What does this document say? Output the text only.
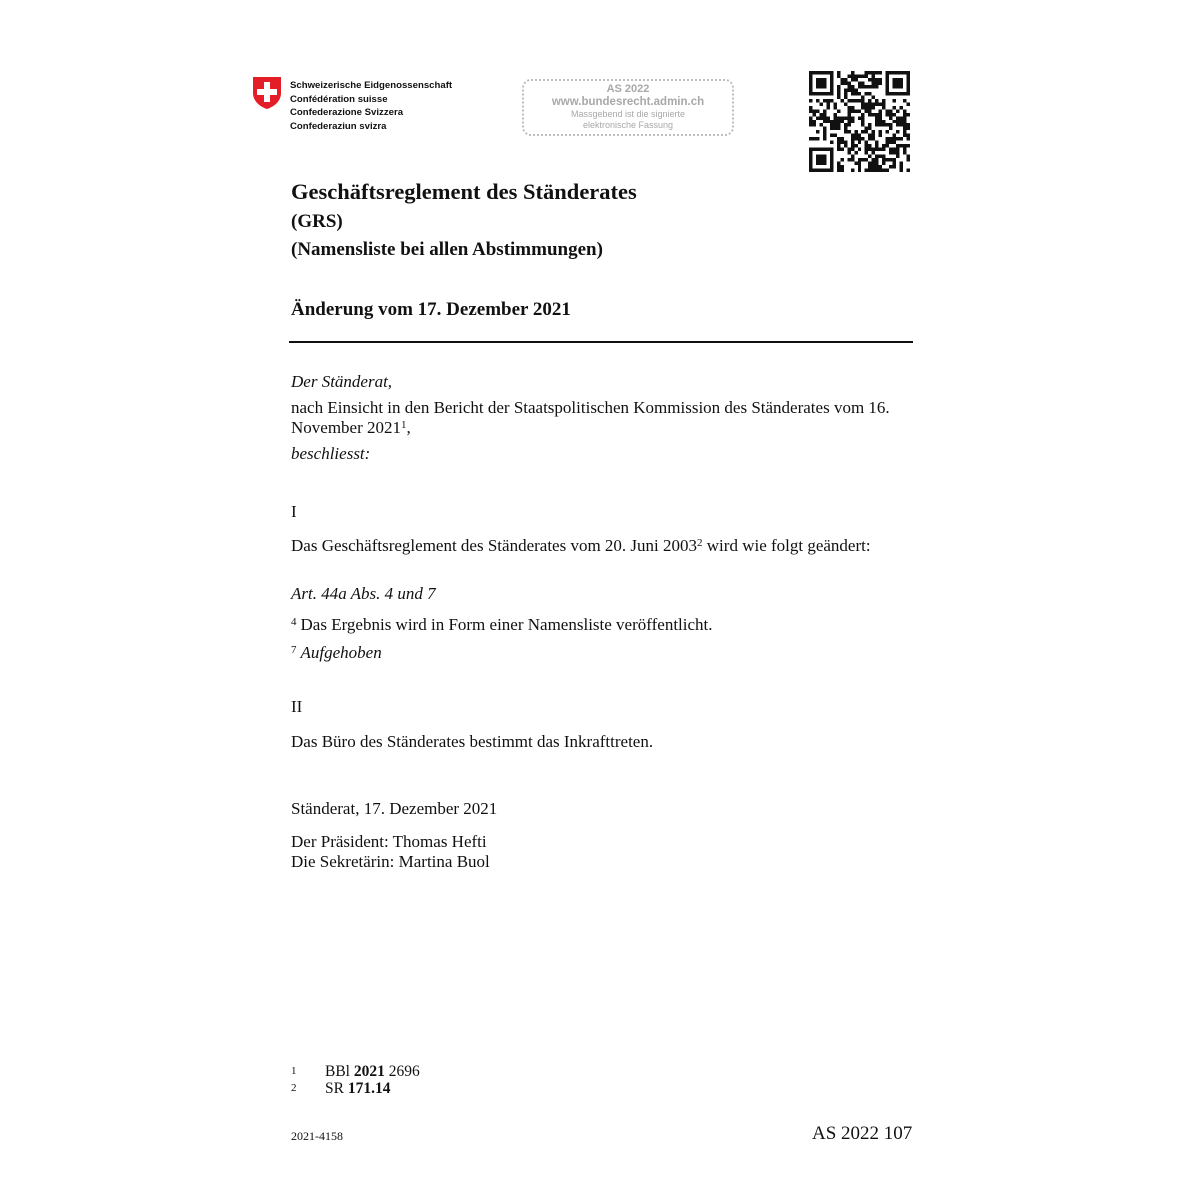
Schweizerische Eidgenossenschaft
Confédération suisse
Confederazione Svizzera
Confederaziun svizra
AS 2022
www.bundesrecht.admin.ch
Massgebend ist die signierte
elektronische Fassung
Geschäftsreglement des Ständerates
(GRS)
(Namensliste bei allen Abstimmungen)
Änderung vom 17. Dezember 2021
Der Ständerat,
nach Einsicht in den Bericht der Staatspolitischen Kommission des Ständerates vom 16. November 2021$^1$,
beschliesst:
I
Das Geschäftsreglement des Ständerates vom 20. Juni 2003$^2$ wird wie folgt geändert:
Art. 44a Abs. 4 und 7
$^4$ Das Ergebnis wird in Form einer Namensliste veröffentlicht.
$^7$ Aufgehoben
II
Das Büro des Ständerates bestimmt das Inkrafttreten.
Ständerat, 17. Dezember 2021
Der Präsident: Thomas Hefti
Die Sekretärin: Martina Buol
1 BBl 2021 2696
2 SR 171.14
2021-4158	AS 2022 107
